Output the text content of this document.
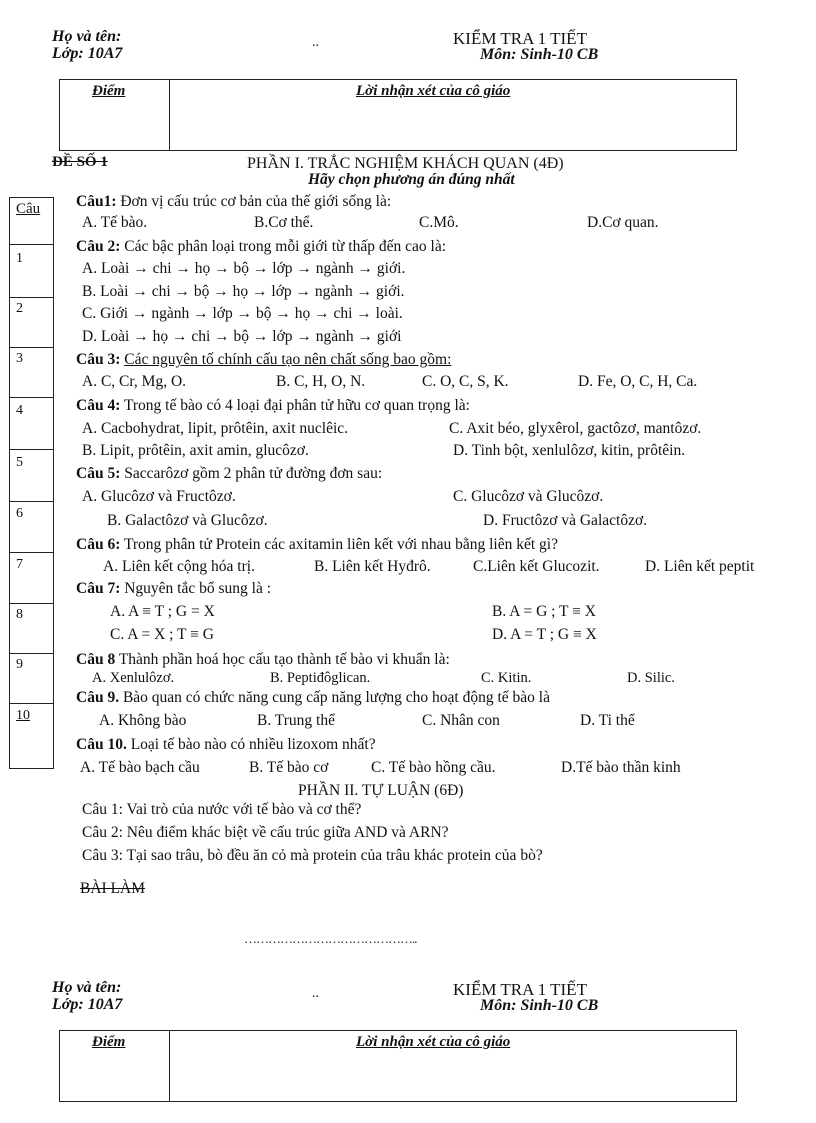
Họ và tên:
Lớp: 10A7
..	KIỂM TRA 1 TIẾT
Môn: Sinh-10 CB
Điểm	Lời nhận xét của cô giáo
ĐỀ SỐ 1	PHẦN I. TRẮC NGHIỆM KHÁCH QUAN (4Đ)
Hãy chọn phương án đúng nhất
Câu
1
2
3
4
5
6
7
8
9
10
Câu1: Đơn vị cấu trúc cơ bản của thế giới sống là:
A. Tế bào.	B.Cơ thể.	C.Mô.	D.Cơ quan.
Câu 2: Các bậc phân loại trong mỗi giới từ thấp đến cao là:
A. Loài → chi → họ → bộ → lớp → ngành → giới.
B. Loài → chi → bộ → họ → lớp → ngành → giới.
C. Giới → ngành → lớp → bộ → họ → chi → loài.
D. Loài → họ → chi → bộ → lớp → ngành → giới
Câu 3: Các nguyên tố chính cấu tạo nên chất sống bao gồm:
A. C, Cr, Mg, O.	B. C, H, O, N.	C. O, C, S, K.	D. Fe, O, C, H, Ca.
Câu 4: Trong tế bào có 4 loại đại phân tử hữu cơ quan trọng là:
A. Cacbohydrat, lipit, prôtêin, axit nuclêic.	C. Axit béo, glyxêrol, gactôzơ, mantôzơ.
B. Lipit, prôtêin, axit amin, glucôzơ.	D. Tinh bột, xenlulôzơ, kitin, prôtêin.
Câu 5: Saccarôzơ gồm 2 phân tử đường đơn sau:
A. Glucôzơ và Fructôzơ.	C. Glucôzơ và Glucôzơ.
B. Galactôzơ và Glucôzơ.	D. Fructôzơ và Galactôzơ.
Câu 6: Trong phân tử Protein các axitamin liên kết với nhau bằng liên kết gì?
A. Liên kết cộng hóa trị.	B. Liên kết Hyđrô.	C.Liên kết Glucozit.	D. Liên kết peptit
Câu 7: Nguyên tắc bổ sung là :
A. A ≡ T ; G = X	B. A = G ; T ≡ X
C. A = X ; T ≡ G	D. A = T ; G ≡ X
Câu 8 Thành phần hoá học cấu tạo thành tế bào vi khuẩn là:
A. Xenlulôzơ.	B. Peptiđôglican.	C. Kitin.	D. Silic.
Câu 9. Bào quan có chức năng cung cấp năng lượng cho hoạt động tế bào là
A. Không bào	B. Trung thể	C. Nhân con	D. Ti thể
Câu 10. Loại tế bào nào có nhiều lizoxom nhất?
A. Tế bào bạch cầu	B. Tế bào cơ	C. Tế bào hồng cầu.	D.Tế bào thần kinh
PHẦN II. TỰ LUẬN (6Đ)
Câu 1: Vai trò của nước với tế bào và cơ thể?
Câu 2: Nêu điểm khác biệt về cấu trúc giữa AND và ARN?
Câu 3: Tại sao trâu, bò đều ăn cỏ mà protein của trâu khác protein của bò?
BÀI LÀM
……………………………………..
Họ và tên:
Lớp: 10A7
..	KIỂM TRA 1 TIẾT
Môn: Sinh-10 CB
Điểm	Lời nhận xét của cô giáo
